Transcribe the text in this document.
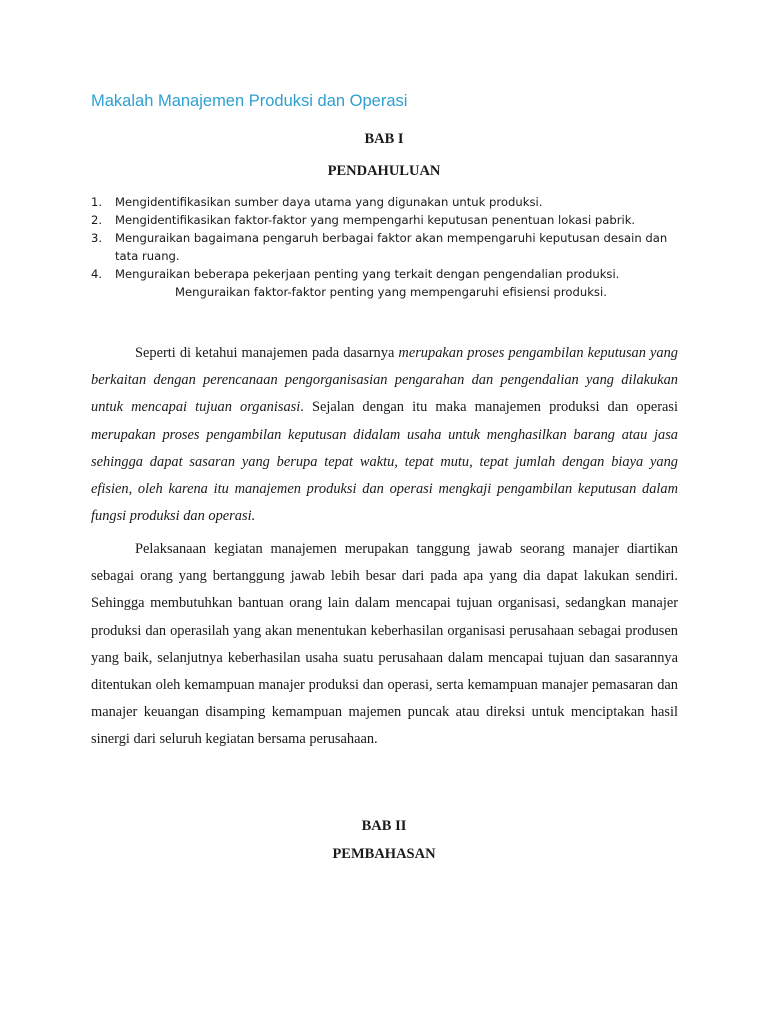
Makalah Manajemen Produksi dan Operasi
BAB I
PENDAHULUAN
1. Mengidentifikasikan sumber daya utama yang digunakan untuk produksi.
2. Mengidentifikasikan faktor-faktor yang mempengarhi keputusan penentuan lokasi pabrik.
3. Menguraikan bagaimana pengaruh berbagai faktor akan mempengaruhi keputusan desain dan tata ruang.
4. Menguraikan beberapa pekerjaan penting yang terkait dengan pengendalian produksi.

Menguraikan faktor-faktor penting yang mempengaruhi efisiensi produksi.

Seperti di ketahui manajemen pada dasarnya merupakan proses pengambilan keputusan yang berkaitan dengan perencanaan pengorganisasian pengarahan dan pengendalian yang dilakukan untuk mencapai tujuan organisasi. Sejalan dengan itu maka manajemen produksi dan operasi merupakan proses pengambilan keputusan didalam usaha untuk menghasilkan barang atau jasa sehingga dapat sasaran yang berupa tepat waktu, tepat mutu, tepat jumlah dengan biaya yang efisien, oleh karena itu manajemen produksi dan operasi mengkaji pengambilan keputusan dalam fungsi produksi dan operasi.

Pelaksanaan kegiatan manajemen merupakan tanggung jawab seorang manajer diartikan sebagai orang yang bertanggung jawab lebih besar dari pada apa yang dia dapat lakukan sendiri. Sehingga membutuhkan bantuan orang lain dalam mencapai tujuan organisasi, sedangkan manajer produksi dan operasilah yang akan menentukan keberhasilan organisasi perusahaan sebagai produsen yang baik, selanjutnya keberhasilan usaha suatu perusahaan dalam mencapai tujuan dan sasarannya ditentukan oleh kemampuan manajer produksi dan operasi, serta kemampuan manajer pemasaran dan manajer keuangan disamping kemampuan majemen puncak atau direksi untuk menciptakan hasil sinergi dari seluruh kegiatan bersama perusahaan.

BAB II
PEMBAHASAN
